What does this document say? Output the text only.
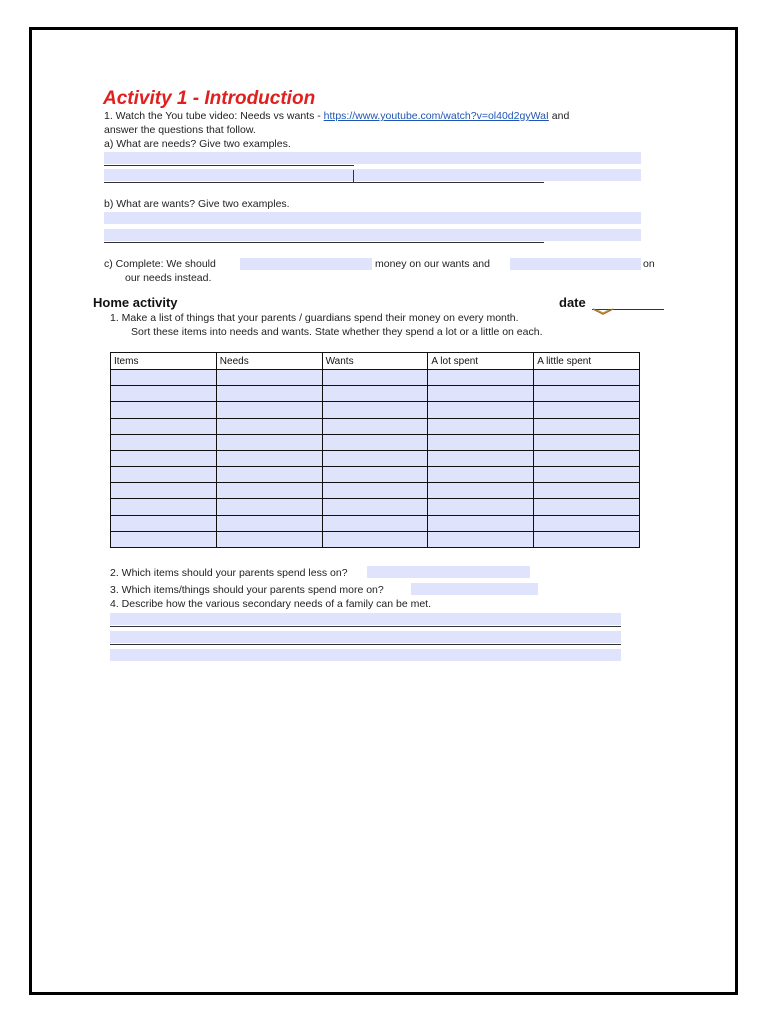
Activity 1 - Introduction
1. Watch the You tube video: Needs vs wants - https://www.youtube.com/watch?v=ol40d2gyWaI and
answer the questions that follow.
a) What are needs? Give two examples.
b) What are wants? Give two examples.
c) Complete: We should	money on our wants and	on
our needs instead.
Home activity	date
1. Make a list of things that your parents / guardians spend their money on every month.
Sort these items into needs and wants. State whether they spend a lot or a little on each.
Items	Needs	Wants	A lot spent	A little spent

2. Which items should your parents spend less on?
3. Which items/things should your parents spend more on?
4. Describe how the various secondary needs of a family can be met.
